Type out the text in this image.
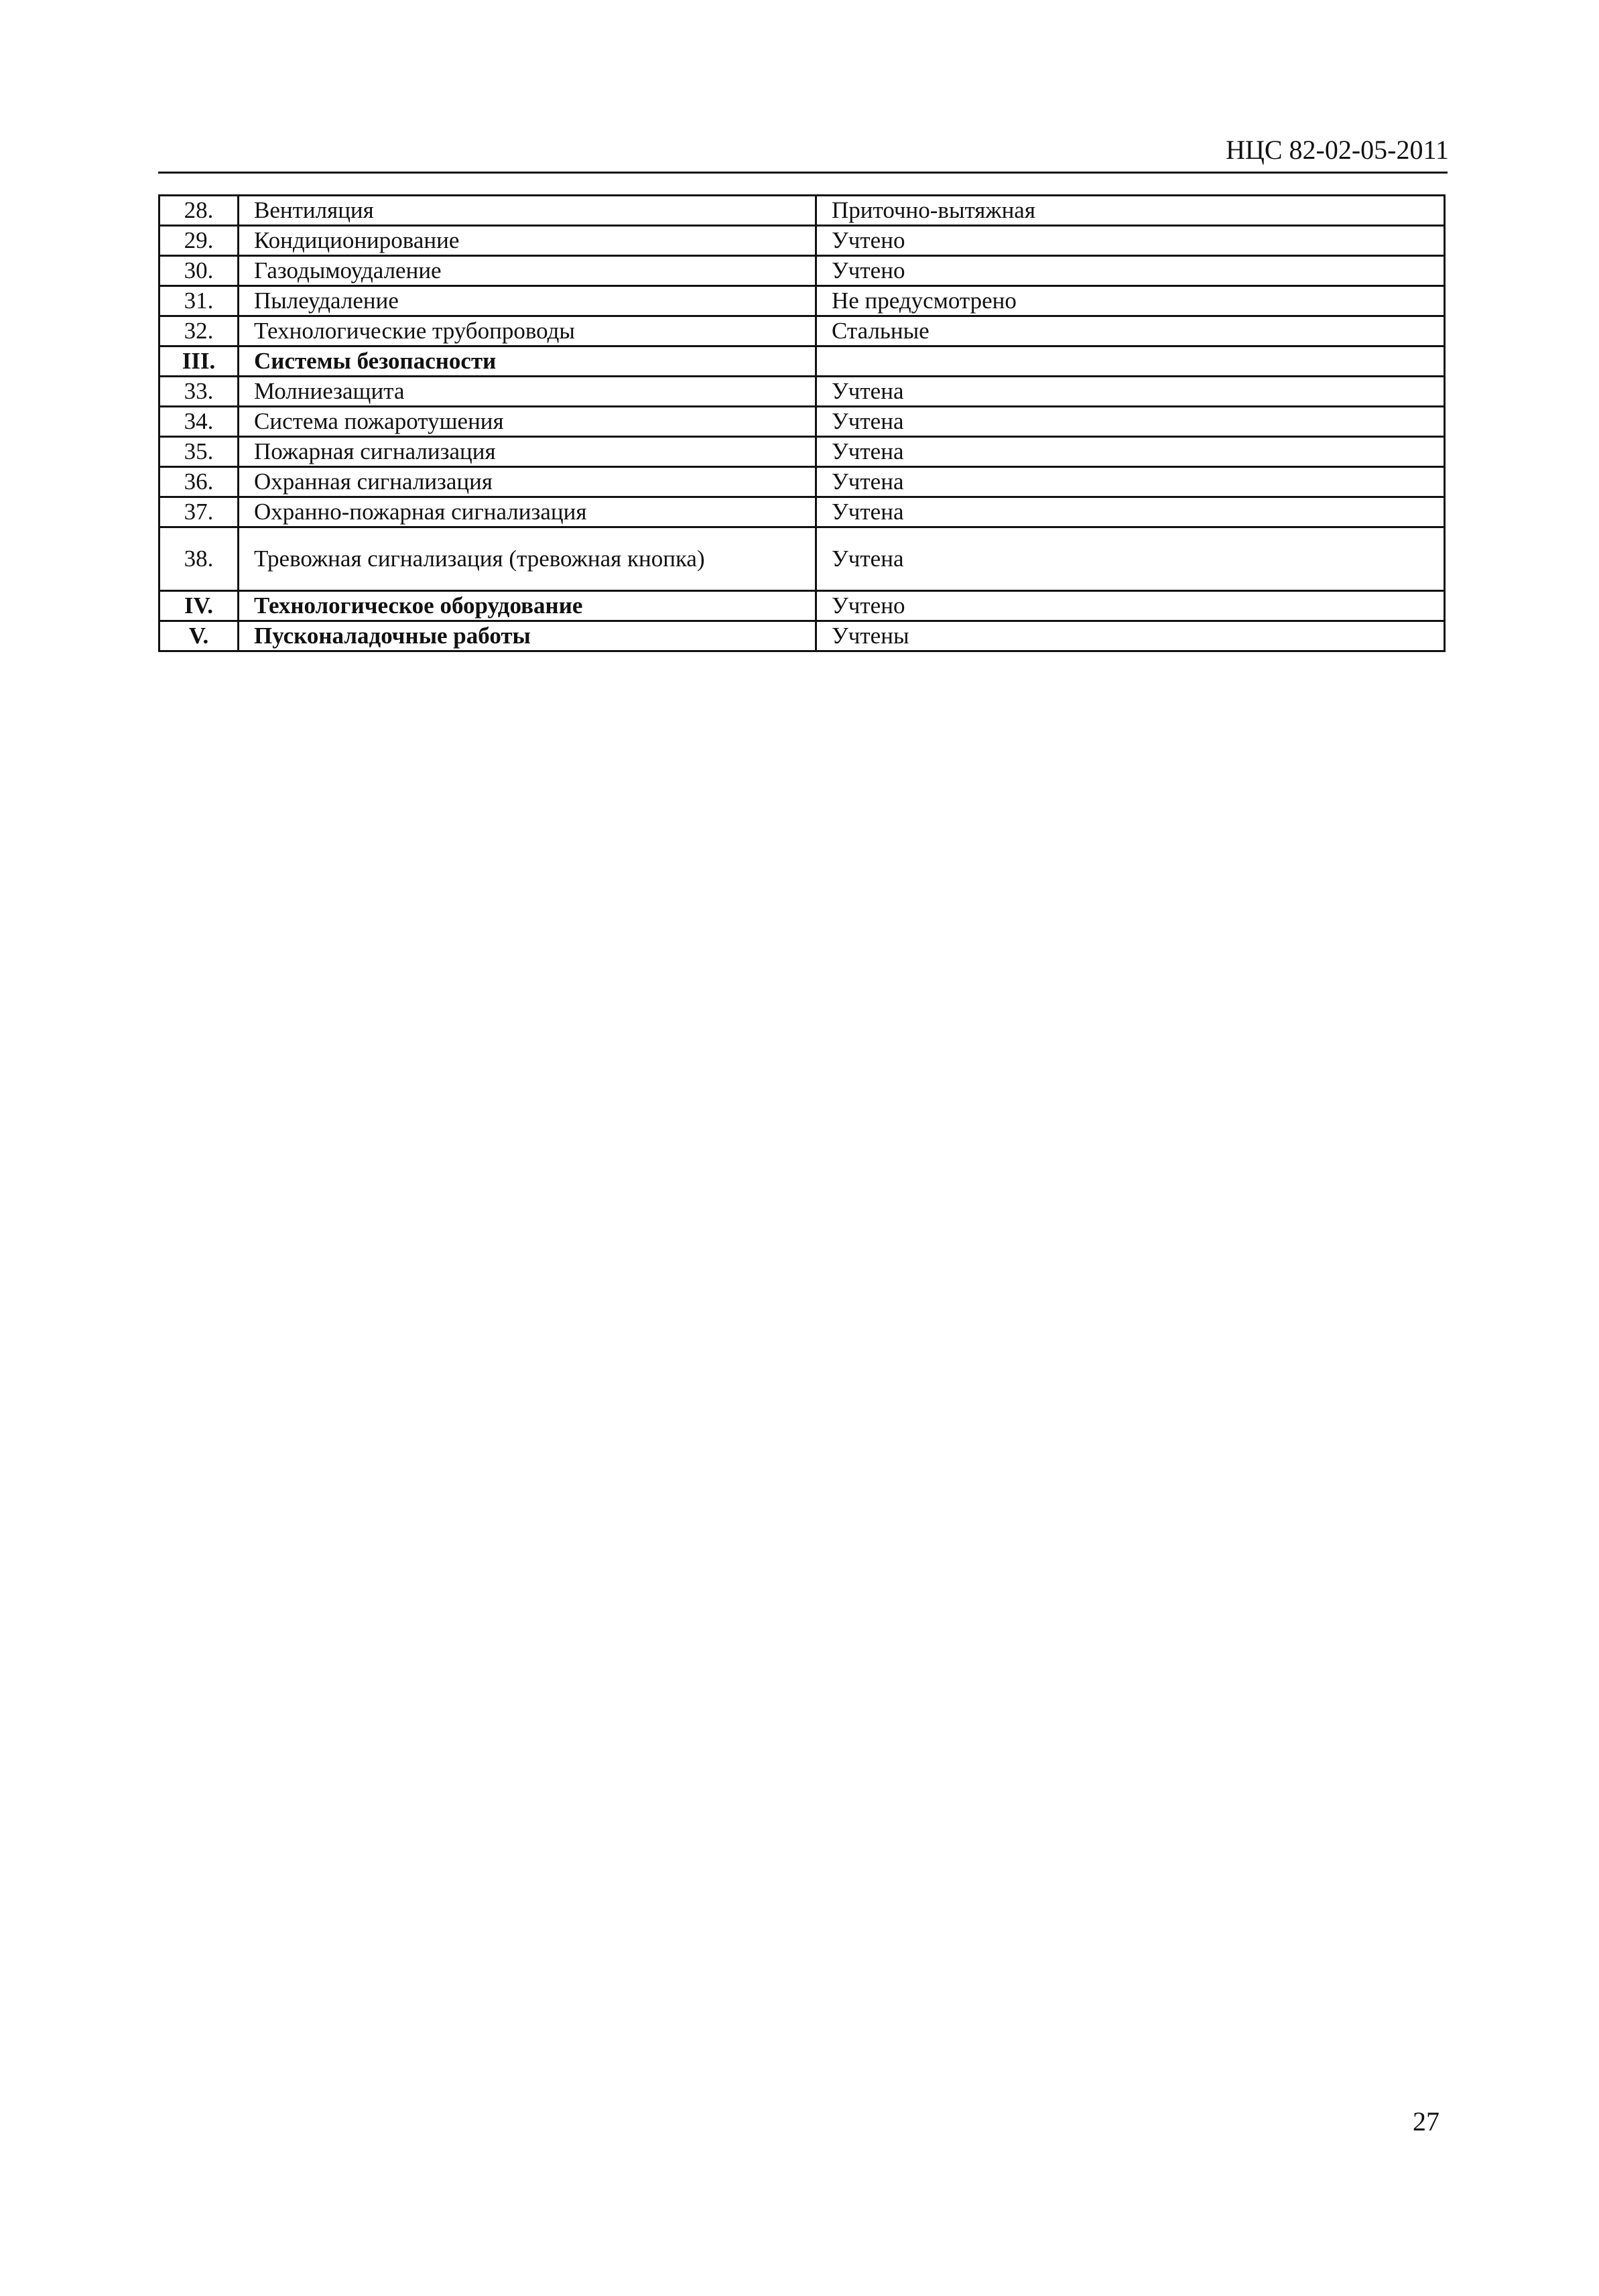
НЦС 82-02-05-2011
28.	Вентиляция	Приточно-вытяжная
29.	Кондиционирование	Учтено
30.	Газодымоудаление	Учтено
31.	Пылеудаление	Не предусмотрено
32.	Технологические трубопроводы	Стальные
III.	Системы безопасности	
33.	Молниезащита	Учтена
34.	Система пожаротушения	Учтена
35.	Пожарная сигнализация	Учтена
36.	Охранная сигнализация	Учтена
37.	Охранно-пожарная сигнализация	Учтена
38.	Тревожная сигнализация (тревожная кнопка)	Учтена
IV.	Технологическое оборудование	Учтено
V.	Пусконаладочные работы	Учтены
27
